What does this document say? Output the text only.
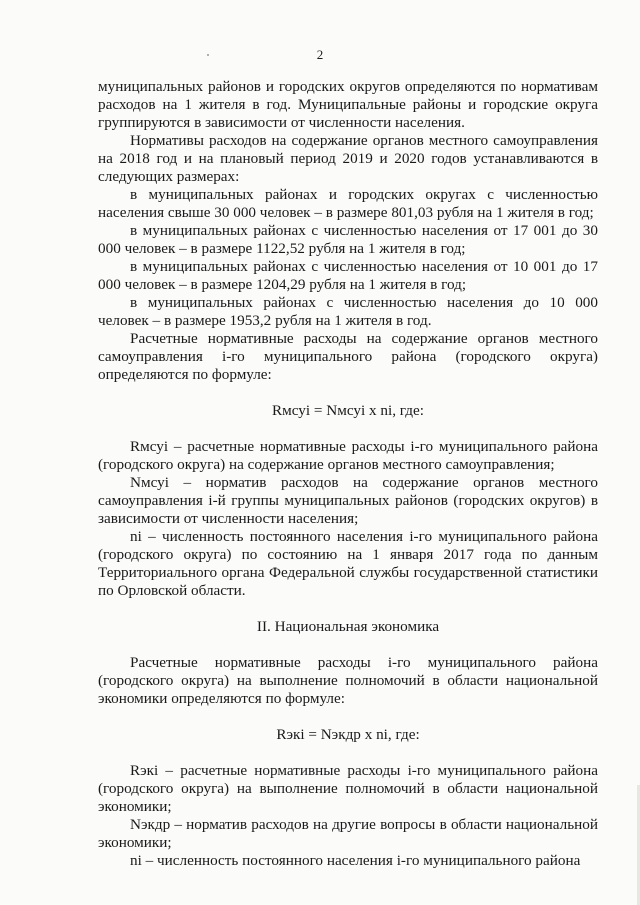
2

муниципальных районов и городских округов определяются по нормативам расходов на 1 жителя в год. Муниципальные районы и городские округа группируются в зависимости от численности населения.

Нормативы расходов на содержание органов местного самоуправления на 2018 год и на плановый период 2019 и 2020 годов устанавливаются в следующих размерах:

в муниципальных районах и городских округах с численностью населения свыше 30 000 человек – в размере 801,03 рубля на 1 жителя в год;

в муниципальных районах с численностью населения от 17 001 до 30 000 человек – в размере 1122,52 рубля на 1 жителя в год;

в муниципальных районах с численностью населения от 10 001 до 17 000 человек – в размере 1204,29 рубля на 1 жителя в год;

в муниципальных районах с численностью населения до 10 000 человек – в размере 1953,2 рубля на 1 жителя в год.

Расчетные нормативные расходы на содержание органов местного самоуправления i-го муниципального района (городского округа) определяются по формуле:

Rмсуi = Nмсуi x ni, где:

Rмсуi – расчетные нормативные расходы i-го муниципального района (городского округа) на содержание органов местного самоуправления;

Nмсуi – норматив расходов на содержание органов местного самоуправления i-й группы муниципальных районов (городских округов) в зависимости от численности населения;

ni – численность постоянного населения i-го муниципального района (городского округа) по состоянию на 1 января 2017 года по данным Территориального органа Федеральной службы государственной статистики по Орловской области.

II. Национальная экономика

Расчетные нормативные расходы i-го муниципального района (городского округа) на выполнение полномочий в области национальной экономики определяются по формуле:

Rэкi = Nэкдр x ni, где:

Rэкi – расчетные нормативные расходы i-го муниципального района (городского округа) на выполнение полномочий в области национальной экономики;

Nэкдр – норматив расходов на другие вопросы в области национальной экономики;

ni – численность постоянного населения i-го муниципального района
